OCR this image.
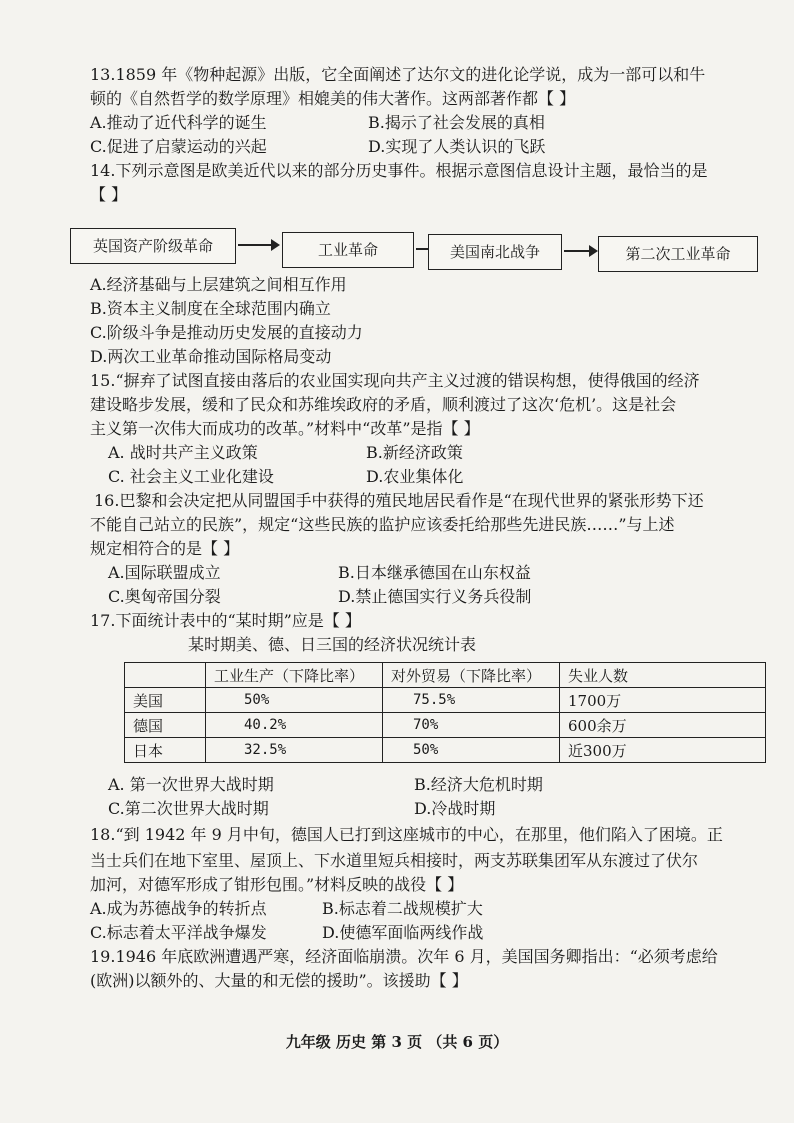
13.1859 年《物种起源》出版，它全面阐述了达尔文的进化论学说，成为一部可以和牛
顿的《自然哲学的数学原理》相媲美的伟大著作。这两部著作都【 】
A.推动了近代科学的诞生	B.揭示了社会发展的真相
C.促进了启蒙运动的兴起	D.实现了人类认识的飞跃
14.下列示意图是欧美近代以来的部分历史事件。根据示意图信息设计主题，最恰当的是
【 】
英国资产阶级革命	工业革命	美国南北战争	第二次工业革命
A.经济基础与上层建筑之间相互作用
B.资本主义制度在全球范围内确立
C.阶级斗争是推动历史发展的直接动力
D.两次工业革命推动国际格局变动
15.“摒弃了试图直接由落后的农业国实现向共产主义过渡的错误构想，使得俄国的经济
建设略步发展，缓和了民众和苏维埃政府的矛盾，顺利渡过了这次‘危机’。这是社会
主义第一次伟大而成功的改革。”材料中“改革”是指【 】
A. 战时共产主义政策	B.新经济政策
C. 社会主义工业化建设	D.农业集体化
16.巴黎和会决定把从同盟国手中获得的殖民地居民看作是“在现代世界的紧张形势下还
不能自己站立的民族”，规定“这些民族的监护应该委托给那些先进民族……”与上述
规定相符合的是【 】
A.国际联盟成立	B.日本继承德国在山东权益
C.奥匈帝国分裂	D.禁止德国实行义务兵役制
17.下面统计表中的“某时期”应是【 】
某时期美、德、日三国的经济状况统计表
	工业生产（下降比率）	对外贸易（下降比率）	失业人数
美国	50%	75.5%	1700万
德国	40.2%	70%	600余万
日本	32.5%	50%	近300万
A. 第一次世界大战时期	B.经济大危机时期
C.第二次世界大战时期	D.冷战时期
18.“到 1942 年 9 月中旬，德国人已打到这座城市的中心，在那里，他们陷入了困境。正
当士兵们在地下室里、屋顶上、下水道里短兵相接时，两支苏联集团军从东渡过了伏尔
加河，对德军形成了钳形包围。”材料反映的战役【 】
A.成为苏德战争的转折点	B.标志着二战规模扩大
C.标志着太平洋战争爆发	D.使德军面临两线作战
19.1946 年底欧洲遭遇严寒，经济面临崩溃。次年 6 月，美国国务卿指出：“必须考虑给
(欧洲)以额外的、大量的和无偿的援助”。该援助【 】
九年级 历史 第 3 页 （共 6 页）
